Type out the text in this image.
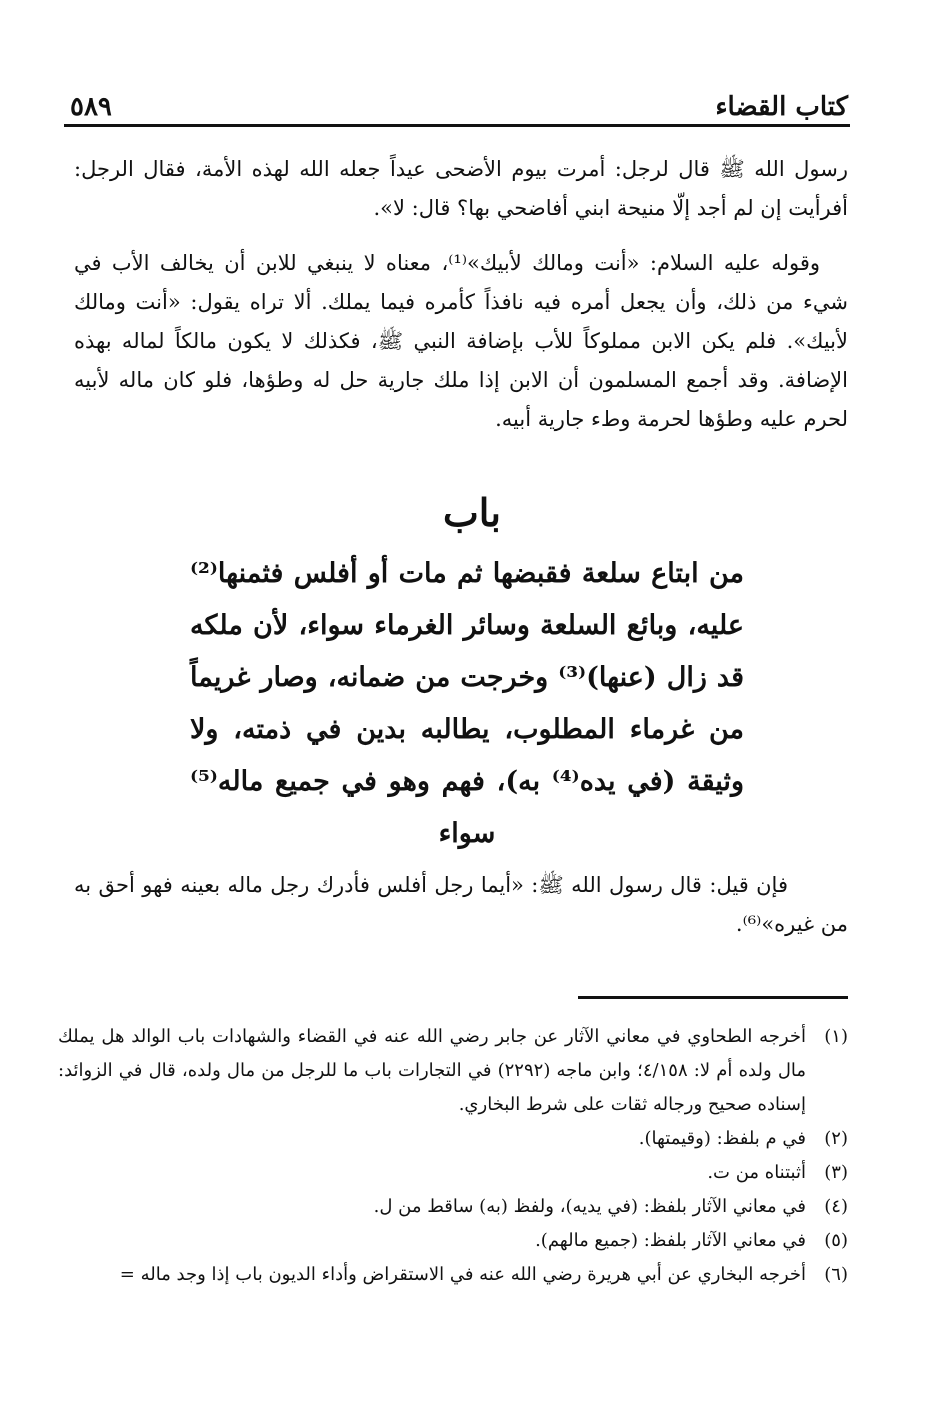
كتاب القضاء
٥٨٩

رسول الله ﷺ قال لرجل: أمرت بيوم الأضحى عيداً جعله الله لهذه الأمة، فقال الرجل: أفرأيت إن لم أجد إلّا منيحة ابني أفاضحي بها؟ قال: لا».

وقوله عليه السلام: «أنت ومالك لأبيك»⁽¹⁾، معناه لا ينبغي للابن أن يخالف الأب في شيء من ذلك، وأن يجعل أمره فيه نافذاً كأمره فيما يملك. ألا تراه يقول: «أنت ومالك لأبيك». فلم يكن الابن مملوكاً للأب بإضافة النبي ﷺ، فكذلك لا يكون مالكاً لماله بهذه الإضافة. وقد أجمع المسلمون أن الابن إذا ملك جارية حل له وطؤها، فلو كان ماله لأبيه لحرم عليه وطؤها لحرمة وطء جارية أبيه.

باب
من ابتاع سلعة فقبضها ثم مات أو أفلس فثمنها⁽²⁾ عليه، وبائع السلعة وسائر الغرماء سواء، لأن ملكه قد زال (عنها)⁽³⁾ وخرجت من ضمانه، وصار غريماً من غرماء المطلوب، يطالبه بدين في ذمته، ولا وثيقة (في يده⁽⁴⁾ به)، فهم وهو في جميع ماله⁽⁵⁾ سواء

فإن قيل: قال رسول الله ﷺ: «أيما رجل أفلس فأدرك رجل ماله بعينه فهو أحق به من غيره»⁽⁶⁾.

(١)
أخرجه الطحاوي في معاني الآثار عن جابر رضي الله عنه في القضاء والشهادات باب الوالد هل يملك مال ولده أم لا: ٤/١٥٨؛ وابن ماجه (٢٢٩٢) في التجارات باب ما للرجل من مال ولده، قال في الزوائد: إسناده صحيح ورجاله ثقات على شرط البخاري.
(٢)
في م بلفظ: (وقيمتها).
(٣)
أثبتناه من ت.
(٤)
في معاني الآثار بلفظ: (في يديه)، ولفظ (به) ساقط من ل.
(٥)
في معاني الآثار بلفظ: (جميع مالهم).
(٦)
أخرجه البخاري عن أبي هريرة رضي الله عنه في الاستقراض وأداء الديون باب إذا وجد ماله =
